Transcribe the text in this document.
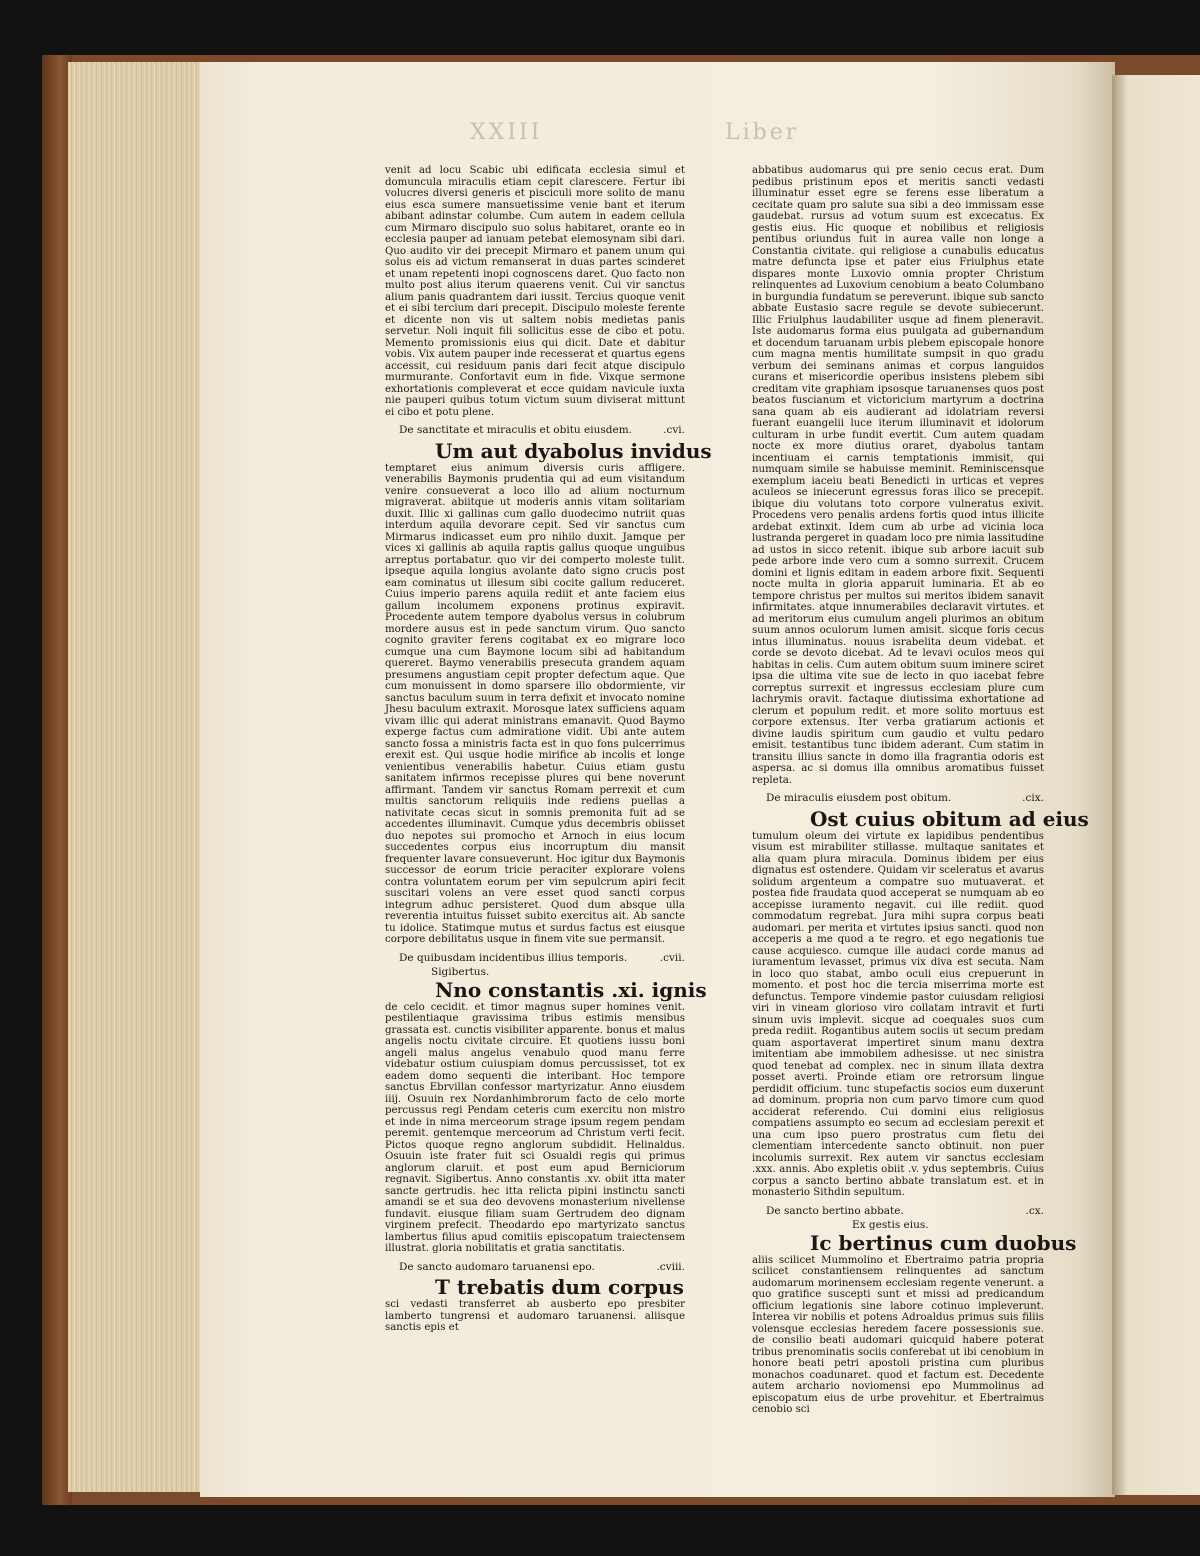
XXIII	Liber

venit ad locu Scabic ubi edificata ecclesia simul et domuncula miraculis etiam cepit clarescere. Fertur ibi volucres diversi generis et pisciculi more solito de manu eius esca sumere mansuetissime venie bant et iterum abibant adinstar columbe. Cum autem in eadem cellula cum Mirmaro discipulo suo solus habitaret, orante eo in ecclesia pauper ad ianuam petebat elemosynam sibi dari. Quo audito vir dei precepit Mirmaro et panem unum qui solus eis ad victum remanserat in duas partes scinderet et unam repetenti inopi cognoscens daret. Quo facto non multo post alius iterum quaerens venit. Cui vir sanctus alium panis quadrantem dari iussit. Tercius quoque venit et ei sibi tercium dari precepit. Discipulo moleste ferente et dicente non vis ut saltem nobis medietas panis servetur. Noli inquit fili sollicitus esse de cibo et potu. Memento promissionis eius qui dicit. Date et dabitur vobis. Vix autem pauper inde recesserat et quartus egens accessit, cui residuum panis dari fecit atque discipulo murmurante. Confortavit eum in fide. Vixque sermone exhortationis compleverat et ecce quidam navicule iuxta nie pauperi quibus totum victum suum diviserat mittunt ei cibo et potu plene.

De sanctitate et miraculis et obitu eiusdem.	.cvi.
Um aut dyabolus invidus

temptaret eius animum diversis curis affligere. venerabilis Baymonis prudentia qui ad eum visitandum venire consueverat a loco illo ad alium nocturnum migraverat. abiitque ut moderis annis vitam solitariam duxit. Illic xi gallinas cum gallo duodecimo nutriit quas interdum aquila devorare cepit. Sed vir sanctus cum Mirmarus indicasset eum pro nihilo duxit. Jamque per vices xi gallinis ab aquila raptis gallus quoque unguibus arreptus portabatur. quo vir dei comperto moleste tulit. ipseque aquila longius avolante dato signo crucis post eam cominatus ut illesum sibi cocite gallum reduceret. Cuius imperio parens aquila rediit et ante faciem eius gallum incolumem exponens protinus expiravit. Procedente autem tempore dyabolus versus in colubrum mordere ausus est in pede sanctum virum. Quo sancto cognito graviter ferens cogitabat ex eo migrare loco cumque una cum Baymone locum sibi ad habitandum quereret. Baymo venerabilis presecuta grandem aquam presumens angustiam cepit propter defectum aque. Que cum monuissent in domo sparsere illo obdormiente, vir sanctus baculum suum in terra defixit et invocato nomine Jhesu baculum extraxit. Morosque latex sufficiens aquam vivam illic qui aderat ministrans emanavit. Quod Baymo experge factus cum admiratione vidit. Ubi ante autem sancto fossa a ministris facta est in quo fons pulcerrimus erexit est. Qui usque hodie mirifice ab incolis et longe venientibus venerabilis habetur. Cuius etiam gustu sanitatem infirmos recepisse plures qui bene noverunt affirmant. Tandem vir sanctus Romam perrexit et cum multis sanctorum reliquiis inde rediens puellas a nativitate cecas sicut in somnis premonita fuit ad se accedentes illuminavit. Cumque ydus decembris obiisset duo nepotes sui promocho et Arnoch in eius locum succedentes corpus eius incorruptum diu mansit frequenter lavare consueverunt. Hoc igitur dux Baymonis successor de eorum tricie peraciter explorare volens contra voluntatem eorum per vim sepulcrum apiri fecit suscitari volens an vere esset quod sancti corpus integrum adhuc persisteret. Quod dum absque ulla reverentia intuitus fuisset subito exercitus ait. Ab sancte tu idolice. Statimque mutus et surdus factus est eiusque corpore debilitatus usque in finem vite sue permansit.

De quibusdam incidentibus illius temporis.	.cvii.
Sigibertus.
Nno constantis .xi. ignis

de celo cecidit. et timor magnus super homines venit. pestilentiaque gravissima tribus estimis mensibus grassata est. cunctis visibiliter apparente. bonus et malus angelis noctu civitate circuire. Et quotiens iussu boni angeli malus angelus venabulo quod manu ferre videbatur ostium cuiuspiam domus percussisset, tot ex eadem domo sequenti die interibant. Hoc tempore sanctus Ebrvillan confessor martyrizatur. Anno eiusdem iiij. Osuuin rex Nordanhimbrorum facto de celo morte percussus regi Pendam ceteris cum exercitu non mistro et inde in nima merceorum strage ipsum regem pendam peremit. gentemque merceorum ad Christum verti fecit. Pictos quoque regno anglorum subdidit. Helinaldus. Osuuin iste frater fuit sci Osualdi regis qui primus anglorum claruit. et post eum apud Berniciorum regnavit. Sigibertus. Anno constantis .xv. obiit itta mater sancte gertrudis. hec itta relicta pipini instinctu sancti amandi se et sua deo devovens monasterium nivellense fundavit. eiusque filiam suam Gertrudem deo dignam virginem prefecit. Theodardo epo martyrizato sanctus lambertus filius apud comitiis episcopatum traiectensem illustrat. gloria nobilitatis et gratia sanctitatis.

De sancto audomaro taruanensi epo.	.cviii.
T trebatis dum corpus

sci vedasti transferret ab ausberto epo presbiter lamberto tungrensi et audomaro taruanensi. aliisque sanctis epis et

abbatibus audomarus qui pre senio cecus erat. Dum pedibus pristinum epos et meritis sancti vedasti illuminatur esset egre se ferens esse liberatum a cecitate quam pro salute sua sibi a deo immissam esse gaudebat. rursus ad votum suum est excecatus. Ex gestis eius. Hic quoque et nobilibus et religiosis pentibus oriundus fuit in aurea valle non longe a Constantia civitate. qui religiose a cunabulis educatus matre defuncta ipse et pater eius Friulphus etate dispares monte Luxovio omnia propter Christum relinquentes ad Luxovium cenobium a beato Columbano in burgundia fundatum se pereverunt. ibique sub sancto abbate Eustasio sacre regule se devote subiecerunt. Illic Friulphus laudabiliter usque ad finem pleneravit. Iste audomarus forma eius puulgata ad gubernandum et docendum taruanam urbis plebem episcopale honore cum magna mentis humilitate sumpsit in quo gradu verbum dei seminans animas et corpus languidos curans et misericordie operibus insistens plebem sibi creditam vite graphiam ipsosque taruanenses quos post beatos fuscianum et victoricium martyrum a doctrina sana quam ab eis audierant ad idolatriam reversi fuerant euangelii luce iterum illuminavit et idolorum culturam in urbe fundit evertit. Cum autem quadam nocte ex more diutius oraret, dyabolus tantam incentiuam ei carnis temptationis immisit, qui numquam simile se habuisse meminit. Reminiscensque exemplum iaceiu beati Benedicti in urticas et vepres aculeos se iniecerunt egressus foras ilico se precepit. ibique diu volutans toto corpore vulneratus exivit. Procedens vero penalis ardens fortis quod intus illicite ardebat extinxit. Idem cum ab urbe ad vicinia loca lustranda pergeret in quadam loco pre nimia lassitudine ad ustos in sicco retenit. ibique sub arbore iacuit sub pede arbore inde vero cum a somno surrexit. Crucem domini et lignis editam in eadem arbore fixit. Sequenti nocte multa in gloria apparuit luminaria. Et ab eo tempore christus per multos sui meritos ibidem sanavit infirmitates. atque innumerabiles declaravit virtutes. et ad meritorum eius cumulum angeli plurimos an obitum suum annos oculorum lumen amisit. sicque foris cecus intus illuminatus. nouus israbelita deum videbat. et corde se devoto dicebat. Ad te levavi oculos meos qui habitas in celis. Cum autem obitum suum iminere sciret ipsa die ultima vite sue de lecto in quo iacebat febre correptus surrexit et ingressus ecclesiam plure cum lachrymis oravit. factaque diutissima exhortatione ad clerum et populum redit. et more solito mortuus est corpore extensus. Iter verba gratiarum actionis et divine laudis spiritum cum gaudio et vultu pedaro emisit. testantibus tunc ibidem aderant. Cum statim in transitu illius sancte in domo illa fragrantia odoris est aspersa. ac si domus illa omnibus aromatibus fuisset repleta.

De miraculis eiusdem post obitum.	.cix.
Ost cuius obitum ad eius

tumulum oleum dei virtute ex lapidibus pendentibus visum est mirabiliter stillasse. multaque sanitates et alia quam plura miracula. Dominus ibidem per eius dignatus est ostendere. Quidam vir sceleratus et avarus solidum argenteum a compatre suo mutuaverat. et postea fide fraudata quod acceperat se numquam ab eo accepisse iuramento negavit. cui ille rediit. quod commodatum regrebat. Jura mihi supra corpus beati audomari. per merita et virtutes ipsius sancti. quod non acceperis a me quod a te regro. et ego negationis tue cause acquiesco. cumque ille audaci corde manus ad iuramentum levasset, primus vix diva est secuta. Nam in loco quo stabat, ambo oculi eius crepuerunt in momento. et post hoc die tercia miserrima morte est defunctus. Tempore vindemie pastor cuiusdam religiosi viri in vineam glorioso viro collatam intravit et furti sinum uvis implevit. sicque ad coequales suos cum preda rediit. Rogantibus autem sociis ut secum predam quam asportaverat impertiret sinum manu dextra imitentiam abe immobilem adhesisse. ut nec sinistra quod tenebat ad complex. nec in sinum illata dextra posset averti. Proinde etiam ore retrorsum lingue perdidit officium. tunc stupefactis socios eum duxerunt ad dominum. propria non cum parvo timore cum quod acciderat referendo. Cui domini eius religiosus compatiens assumpto eo secum ad ecclesiam perexit et una cum ipso puero prostratus cum fletu dei clementiam intercedente sancto obtinuit. non puer incolumis surrexit. Rex autem vir sanctus ecclesiam .xxx. annis. Abo expletis obiit .v. ydus septembris. Cuius corpus a sancto bertino abbate translatum est. et in monasterio Sithdin sepultum.

De sancto bertino abbate.	.cx.
Ex gestis eius.
Ic bertinus cum duobus

aliis scilicet Mummolino et Ebertraimo patria propria scilicet constantiensem relinquentes ad sanctum audomarum morinensem ecclesiam regente venerunt. a quo gratifice suscepti sunt et missi ad predicandum officium legationis sine labore cotinuo impleverunt. Interea vir nobilis et potens Adroaldus primus suis filiis volensque ecclesias heredem facere possessionis sue. de consilio beati audomari quicquid habere poterat tribus prenominatis sociis conferebat ut ibi cenobium in honore beati petri apostoli pristina cum pluribus monachos coadunaret. quod et factum est. Decedente autem archario noviomensi epo Mummolinus ad episcopatum eius de urbe provehitur. et Ebertraimus cenobio sci
